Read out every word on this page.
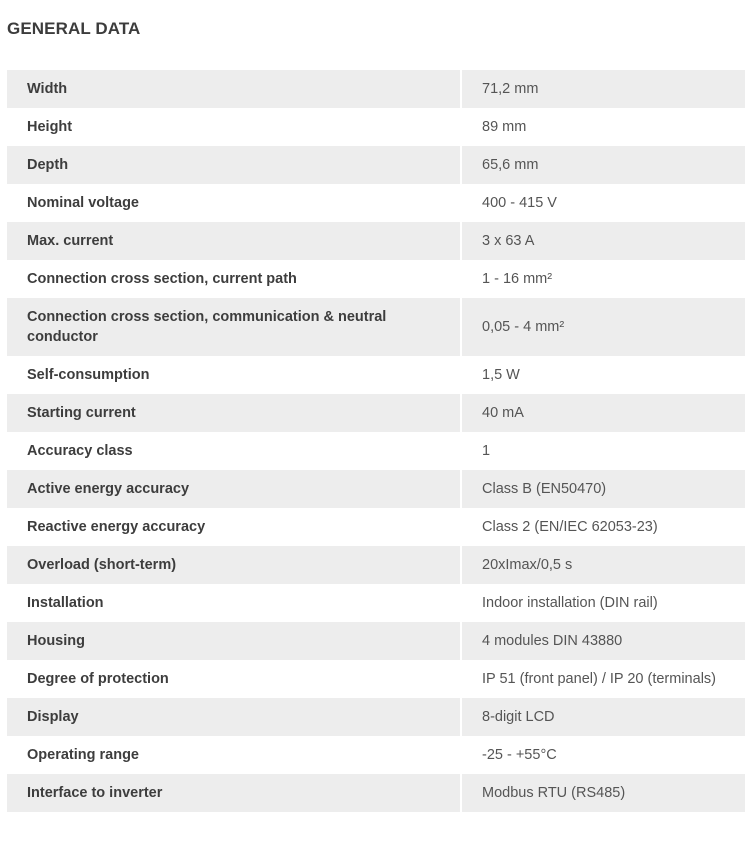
GENERAL DATA
Width	71,2 mm
Height	89 mm
Depth	65,6 mm
Nominal voltage	400 - 415 V
Max. current	3 x 63 A
Connection cross section, current path	1 - 16 mm²
Connection cross section, communication & neutral conductor	0,05 - 4 mm²
Self-consumption	1,5 W
Starting current	40 mA
Accuracy class	1
Active energy accuracy	Class B (EN50470)
Reactive energy accuracy	Class 2 (EN/IEC 62053-23)
Overload (short-term)	20xImax/0,5 s
Installation	Indoor installation (DIN rail)
Housing	4 modules DIN 43880
Degree of protection	IP 51 (front panel) / IP 20 (terminals)
Display	8-digit LCD
Operating range	-25 - +55°C
Interface to inverter	Modbus RTU (RS485)
